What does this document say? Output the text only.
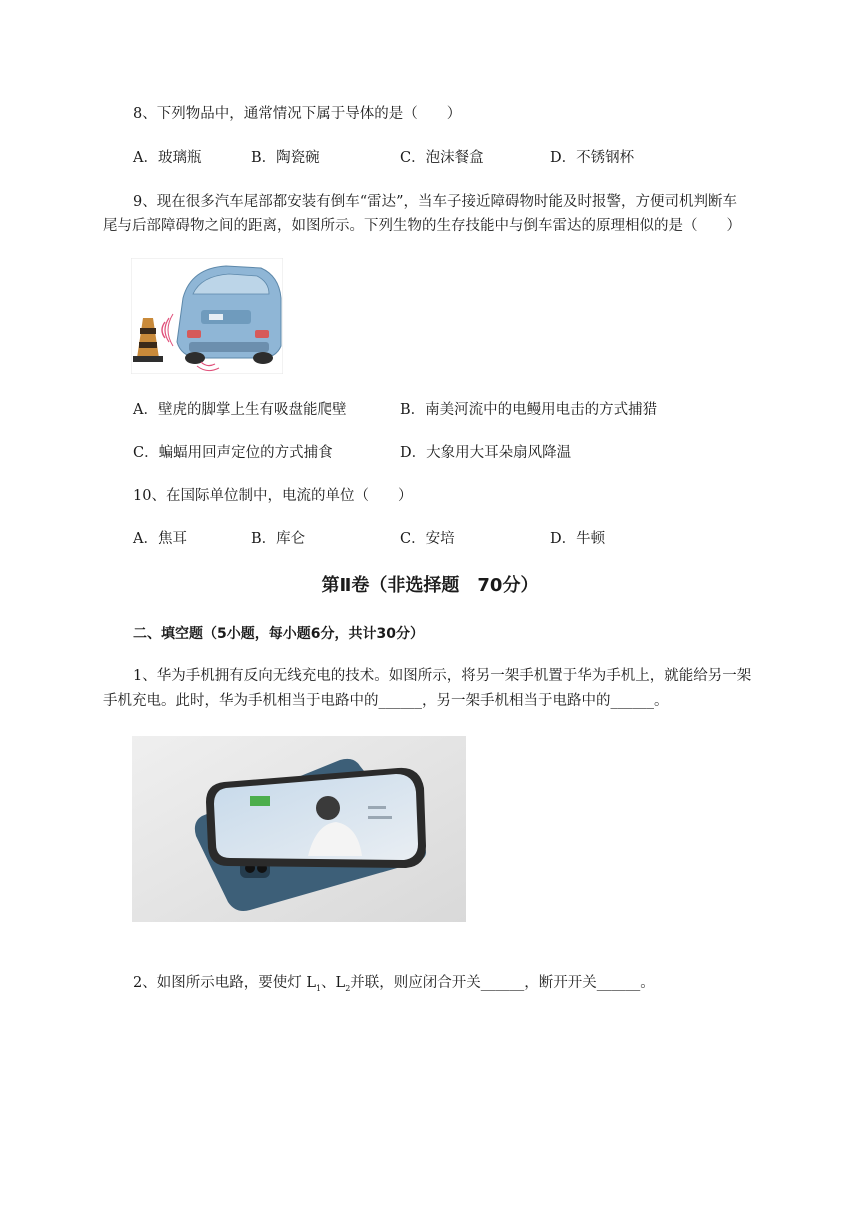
8、下列物品中，通常情况下属于导体的是（　　）
A．玻璃瓶	B．陶瓷碗	C．泡沫餐盒	D．不锈钢杯
9、现在很多汽车尾部都安装有倒车“雷达”，当车子接近障碍物时能及时报警，方便司机判断车
尾与后部障碍物之间的距离，如图所示。下列生物的生存技能中与倒车雷达的原理相似的是（　　）
A．壁虎的脚掌上生有吸盘能爬壁	B．南美河流中的电鳗用电击的方式捕猎
C．蝙蝠用回声定位的方式捕食	D．大象用大耳朵扇风降温
10、在国际单位制中，电流的单位（　　）
A．焦耳	B．库仑	C．安培	D．牛顿
第Ⅱ卷（非选择题　70分）
二、填空题（5小题，每小题6分，共计30分）
1、华为手机拥有反向无线充电的技术。如图所示，将另一架手机置于华为手机上，就能给另一架
手机充电。此时，华为手机相当于电路中的______，另一架手机相当于电路中的______。
2、如图所示电路，要使灯 $L_1$、$L_2$并联，则应闭合开关______，断开开关______。
